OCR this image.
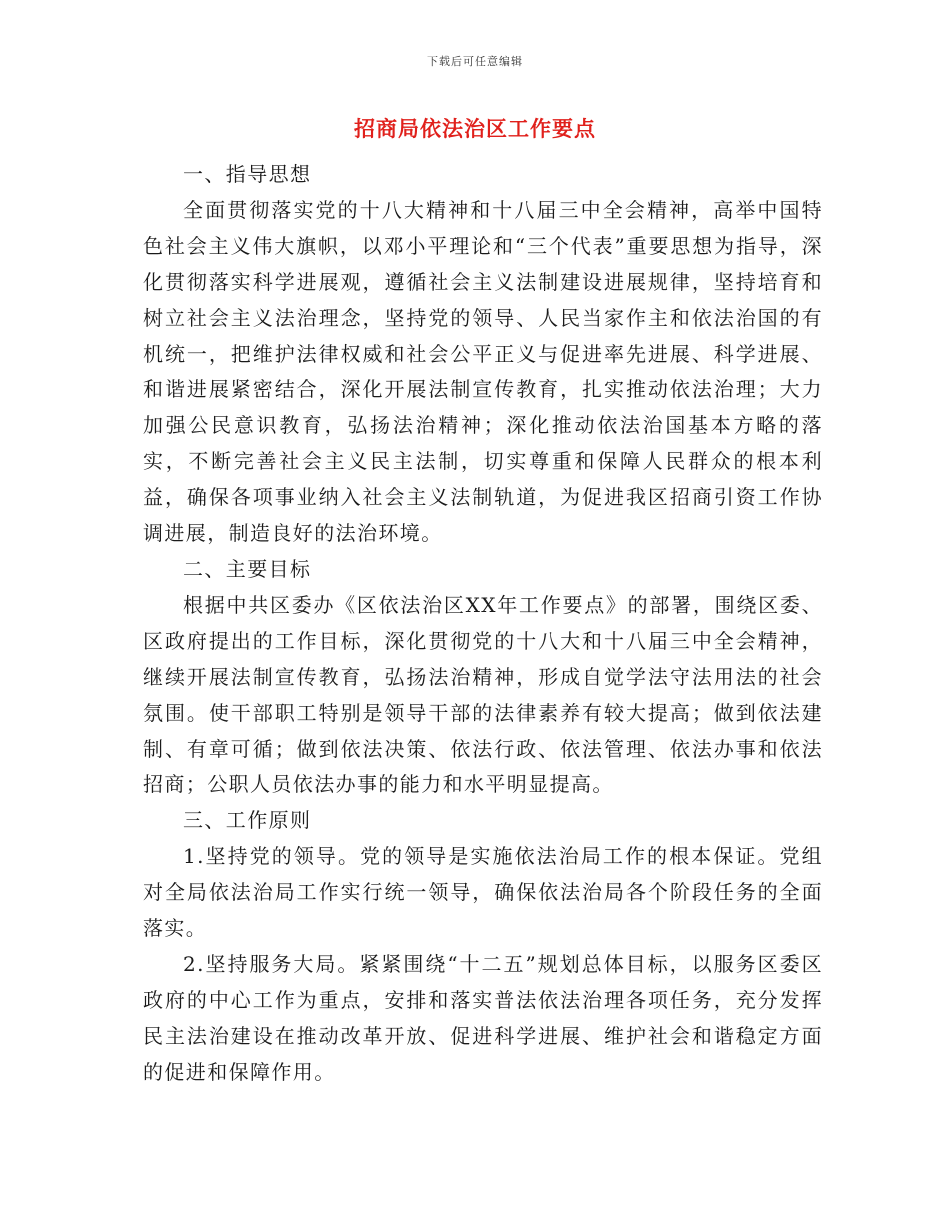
下载后可任意编辑
招商局依法治区工作要点

一、指导思想

全面贯彻落实党的十八大精神和十八届三中全会精神，高举中国特色社会主义伟大旗帜，以邓小平理论和“三个代表”重要思想为指导，深化贯彻落实科学进展观，遵循社会主义法制建设进展规律，坚持培育和树立社会主义法治理念，坚持党的领导、人民当家作主和依法治国的有机统一，把维护法律权威和社会公平正义与促进率先进展、科学进展、和谐进展紧密结合，深化开展法制宣传教育，扎实推动依法治理；大力加强公民意识教育，弘扬法治精神；深化推动依法治国基本方略的落实，不断完善社会主义民主法制，切实尊重和保障人民群众的根本利益，确保各项事业纳入社会主义法制轨道，为促进我区招商引资工作协调进展，制造良好的法治环境。

二、主要目标

根据中共区委办《区依法治区XX年工作要点》的部署，围绕区委、区政府提出的工作目标，深化贯彻党的十八大和十八届三中全会精神，继续开展法制宣传教育，弘扬法治精神，形成自觉学法守法用法的社会氛围。使干部职工特别是领导干部的法律素养有较大提高；做到依法建制、有章可循；做到依法决策、依法行政、依法管理、依法办事和依法招商；公职人员依法办事的能力和水平明显提高。

三、工作原则

1.坚持党的领导。党的领导是实施依法治局工作的根本保证。党组对全局依法治局工作实行统一领导，确保依法治局各个阶段任务的全面落实。

2.坚持服务大局。紧紧围绕“十二五”规划总体目标，以服务区委区政府的中心工作为重点，安排和落实普法依法治理各项任务，充分发挥民主法治建设在推动改革开放、促进科学进展、维护社会和谐稳定方面的促进和保障作用。
